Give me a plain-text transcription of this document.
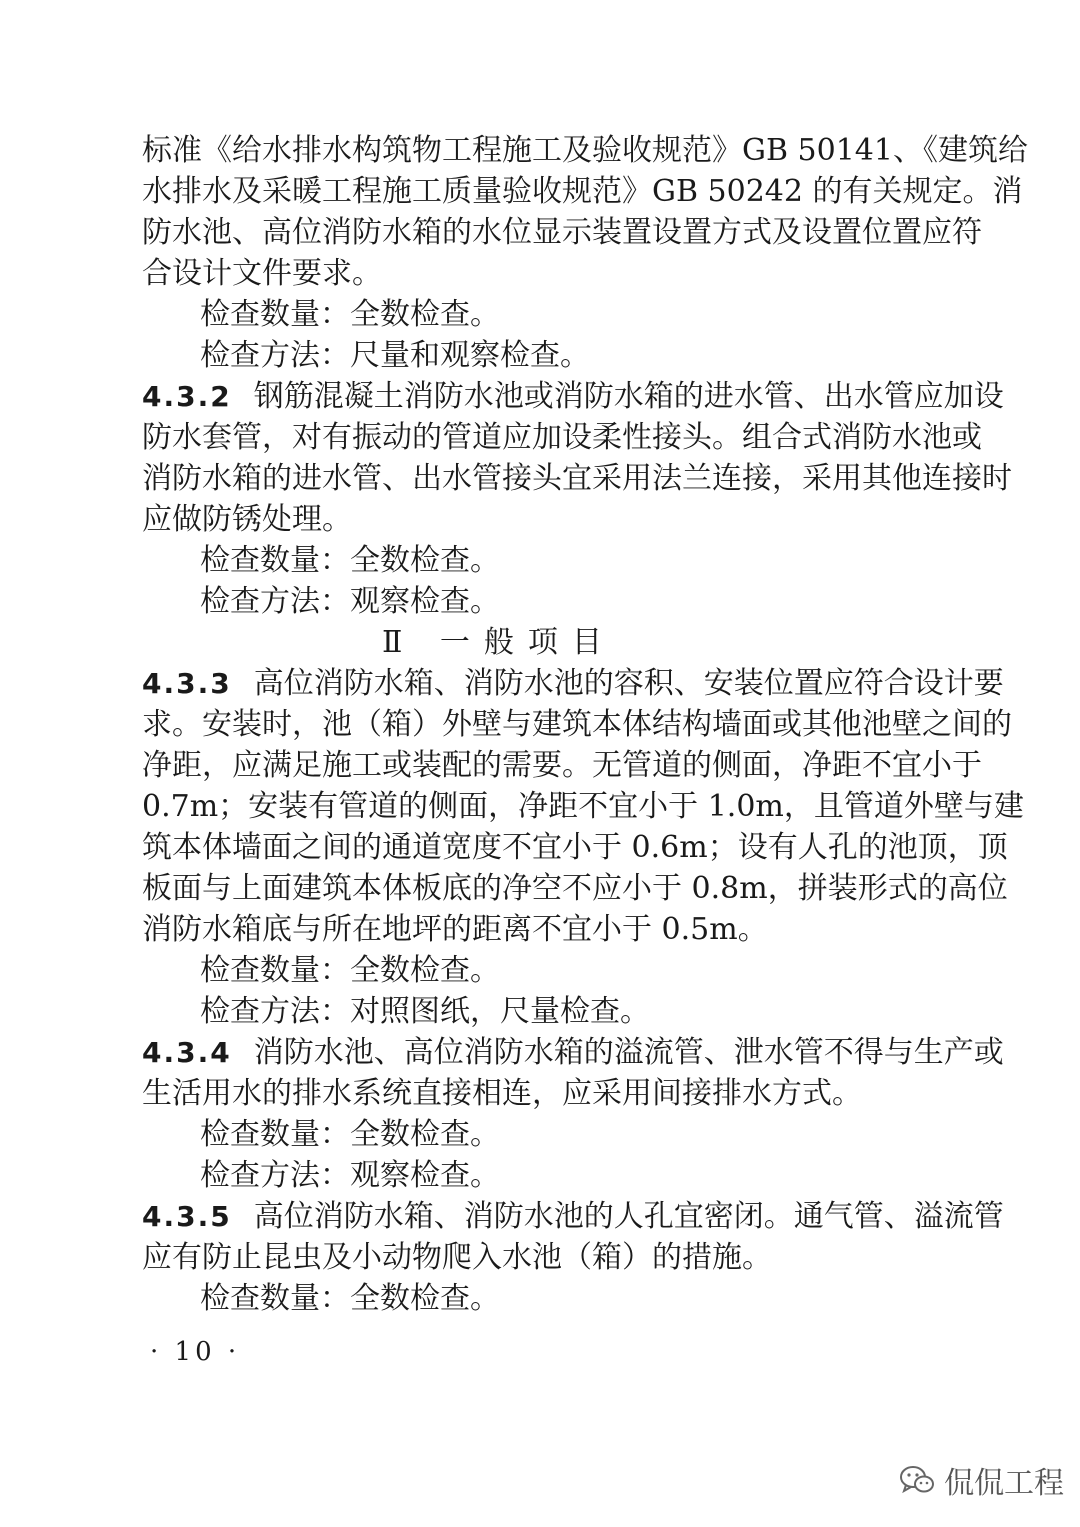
标准《给水排水构筑物工程施工及验收规范》GB 50141、《建筑给
水排水及采暖工程施工质量验收规范》GB 50242 的有关规定。消
防水池、高位消防水箱的水位显示装置设置方式及设置位置应符
合设计文件要求。
检查数量：全数检查。
检查方法：尺量和观察检查。
4.3.2 钢筋混凝土消防水池或消防水箱的进水管、出水管应加设
防水套管，对有振动的管道应加设柔性接头。组合式消防水池或
消防水箱的进水管、出水管接头宜采用法兰连接，采用其他连接时
应做防锈处理。
检查数量：全数检查。
检查方法：观察检查。
Ⅱ 一般项目
4.3.3 高位消防水箱、消防水池的容积、安装位置应符合设计要
求。安装时，池（箱）外壁与建筑本体结构墙面或其他池壁之间的
净距，应满足施工或装配的需要。无管道的侧面，净距不宜小于
0.7m；安装有管道的侧面，净距不宜小于 1.0m，且管道外壁与建
筑本体墙面之间的通道宽度不宜小于 0.6m；设有人孔的池顶，顶
板面与上面建筑本体板底的净空不应小于 0.8m，拼装形式的高位
消防水箱底与所在地坪的距离不宜小于 0.5m。
检查数量：全数检查。
检查方法：对照图纸，尺量检查。
4.3.4 消防水池、高位消防水箱的溢流管、泄水管不得与生产或
生活用水的排水系统直接相连，应采用间接排水方式。
检查数量：全数检查。
检查方法：观察检查。
4.3.5 高位消防水箱、消防水池的人孔宜密闭。通气管、溢流管
应有防止昆虫及小动物爬入水池（箱）的措施。
检查数量：全数检查。
· 10 ·
侃侃工程
